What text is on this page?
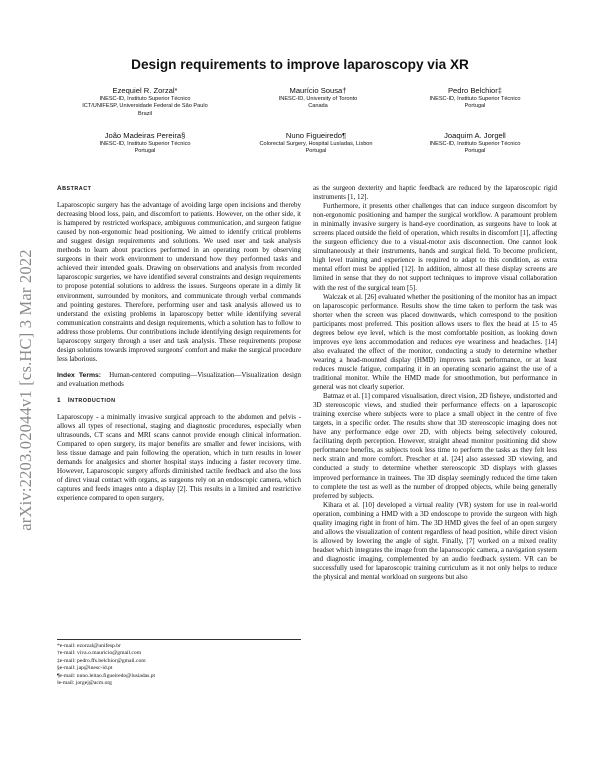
arXiv:2203.02044v1 [cs.HC] 3 Mar 2022
Design requirements to improve laparoscopy via XR
Ezequiel R. Zorzal*
INESC-ID, Instituto Superior Técnico
ICT/UNIFESP, Universidade Federal de São Paulo
Brazil
Maurício Sousa†
INESC-ID, University of Toronto
Canada
Pedro Belchior‡
INESC-ID, Instituto Superior Técnico
Portugal
João Madeiras Pereira§
INESC-ID, Instituto Superior Técnico
Portugal
Nuno Figueiredo¶
Colorectal Surgery, Hospital Lusíadas, Lisbon
Portugal
Joaquim A. Jorge‖
INESC-ID, Instituto Superior Técnico
Portugal
ABSTRACT

Laparoscopic surgery has the advantage of avoiding large open incisions and thereby decreasing blood loss, pain, and discomfort to patients. However, on the other side, it is hampered by restricted workspace, ambiguous communication, and surgeon fatigue caused by non-ergonomic head positioning. We aimed to identify critical problems and suggest design requirements and solutions. We used user and task analysis methods to learn about practices performed in an operating room by observing surgeons in their work environment to understand how they performed tasks and achieved their intended goals. Drawing on observations and analysis from recorded laparoscopic surgeries, we have identified several constraints and design requirements to propose potential solutions to address the issues. Surgeons operate in a dimly lit environment, surrounded by monitors, and communicate through verbal commands and pointing gestures. Therefore, performing user and task analysis allowed us to understand the existing problems in laparoscopy better while identifying several communication constraints and design requirements, which a solution has to follow to address those problems. Our contributions include identifying design requirements for laparoscopy surgery through a user and task analysis. These requirements propose design solutions towards improved surgeons' comfort and make the surgical procedure less laborious.

Index Terms: Human-centered computing—Visualization—Visualization design and evaluation methods

1 INTRODUCTION

Laparoscopy - a minimally invasive surgical approach to the abdomen and pelvis - allows all types of resectional, staging and diagnostic procedures, especially when ultrasounds, CT scans and MRI scans cannot provide enough clinical information. Compared to open surgery, its major benefits are smaller and fewer incisions, with less tissue damage and pain following the operation, which in turn results in lower demands for analgesics and shorter hospital stays inducing a faster recovery time. However, Laparoscopic surgery affords diminished tactile feedback and also the loss of direct visual contact with organs, as surgeons rely on an endoscopic camera, which captures and feeds images onto a display [2]. This results in a limited and restrictive experience compared to open surgery,

*e-mail: ezorzal@unifesp.br
†e-mail: viva.o.mauricio@gmail.com
‡e-mail: pedro.ffs.belchior@gmail.com
§e-mail: jap@inesc-id.pt
¶e-mail: nuno.leitao.figueiredo@lusiadas.pt
‖e-mail: jorgej@acm.org

as the surgeon dexterity and haptic feedback are reduced by the laparoscopic rigid instruments [1, 12].

Furthermore, it presents other challenges that can induce surgeon discomfort by non-ergonomic positioning and hamper the surgical workflow. A paramount problem in minimally invasive surgery is hand-eye coordination, as surgeons have to look at screens placed outside the field of operation, which results in discomfort [1], affecting the surgeon efficiency due to a visual-motor axis disconnection. One cannot look simultaneously at their instruments, hands and surgical field. To become proficient, high level training and experience is required to adapt to this condition, as extra mental effort must be applied [12]. In addition, almost all these display screens are limited in sense that they do not support techniques to improve visual collaboration with the rest of the surgical team [5].

Walczak et al. [26] evaluated whether the positioning of the monitor has an impact on laparoscopic performance. Results show the time taken to perform the task was shorter when the screen was placed downwards, which correspond to the position participants most preferred. This position allows users to flex the head at 15 to 45 degrees below eye level, which is the most comfortable position, as looking down improves eye lens accommodation and reduces eye weariness and headaches. [14] also evaluated the effect of the monitor, conducting a study to determine whether wearing a head-mounted display (HMD) improves task performance, or at least reduces muscle fatigue, comparing it in an operating scenario against the use of a traditional monitor. While the HMD made for smoothmotion, but performance in general was not clearly superior.

Batmaz et al. [1] compared visualisation, direct vision, 2D fisheye, undistorted and 3D stereoscopic views, and studied their performance effects on a laparoscopic training exercise where subjects were to place a small object in the centre of five targets, in a specific order. The results show that 3D stereoscopic imaging does not have any performance edge over 2D, with objects being selectively coloured, facilitating depth perception. However, straight ahead monitor positioning did show performance benefits, as subjects took less time to perform the tasks as they felt less neck strain and more comfort. Prescher et al. [24] also assessed 3D viewing, and conducted a study to determine whether stereoscopic 3D displays with glasses improved performance in trainees. The 3D display seemingly reduced the time taken to complete the test as well as the number of dropped objects, while being generally preferred by subjects.

Kihara et al. [10] developed a virtual reality (VR) system for use in real-world operation, combining a HMD with a 3D endoscope to provide the surgeon with high quality imaging right in front of him. The 3D HMD gives the feel of an open surgery and allows the visualization of content regardless of head position, while direct vision is allowed by lowering the angle of sight. Finally, [7] worked on a mixed reality headset which integrates the image from the laparoscopic camera, a navigation system and diagnostic imaging, complemented by an audio feedback system. VR can be successfully used for laparoscopic training curriculum as it not only helps to reduce the physical and mental workload on surgeons but also
